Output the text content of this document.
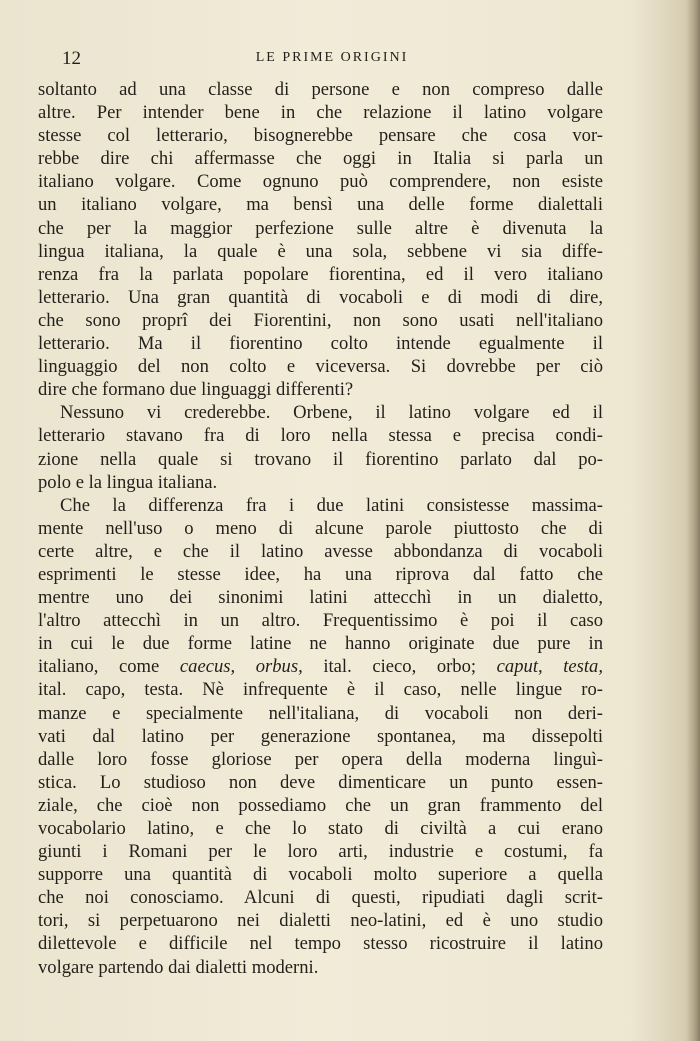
12	LE PRIME ORIGINI

soltanto ad una classe di persone e non compreso dalle
altre. Per intender bene in che relazione il latino volgare
stesse col letterario, bisognerebbe pensare che cosa vor-
rebbe dire chi affermasse che oggi in Italia si parla un
italiano volgare. Come ognuno può comprendere, non esiste
un italiano volgare, ma bensì una delle forme dialettali
che per la maggior perfezione sulle altre è divenuta la
lingua italiana, la quale è una sola, sebbene vi sia diffe-
renza fra la parlata popolare fiorentina, ed il vero italiano
letterario. Una gran quantità di vocaboli e di modi di dire,
che sono proprî dei Fiorentini, non sono usati nell'italiano
letterario. Ma il fiorentino colto intende egualmente il
linguaggio del non colto e viceversa. Si dovrebbe per ciò
dire che formano due linguaggi differenti?

Nessuno vi crederebbe. Orbene, il latino volgare ed il
letterario stavano fra di loro nella stessa e precisa condi-
zione nella quale si trovano il fiorentino parlato dal po-
polo e la lingua italiana.

Che la differenza fra i due latini consistesse massima-
mente nell'uso o meno di alcune parole piuttosto che di
certe altre, e che il latino avesse abbondanza di vocaboli
esprimenti le stesse idee, ha una riprova dal fatto che
mentre uno dei sinonimi latini attecchì in un dialetto,
l'altro attecchì in un altro. Frequentissimo è poi il caso
in cui le due forme latine ne hanno originate due pure in
italiano, come caecus, orbus, ital. cieco, orbo; caput, testa,
ital. capo, testa. Nè infrequente è il caso, nelle lingue ro-
manze e specialmente nell'italiana, di vocaboli non deri-
vati dal latino per generazione spontanea, ma dissepolti
dalle loro fosse gloriose per opera della moderna linguì-
stica. Lo studioso non deve dimenticare un punto essen-
ziale, che cioè non possediamo che un gran frammento del
vocabolario latino, e che lo stato di civiltà a cui erano
giunti i Romani per le loro arti, industrie e costumi, fa
supporre una quantità di vocaboli molto superiore a quella
che noi conosciamo. Alcuni di questi, ripudiati dagli scrit-
tori, si perpetuarono nei dialetti neo-latini, ed è uno studio
dilettevole e difficile nel tempo stesso ricostruire il latino
volgare partendo dai dialetti moderni.
